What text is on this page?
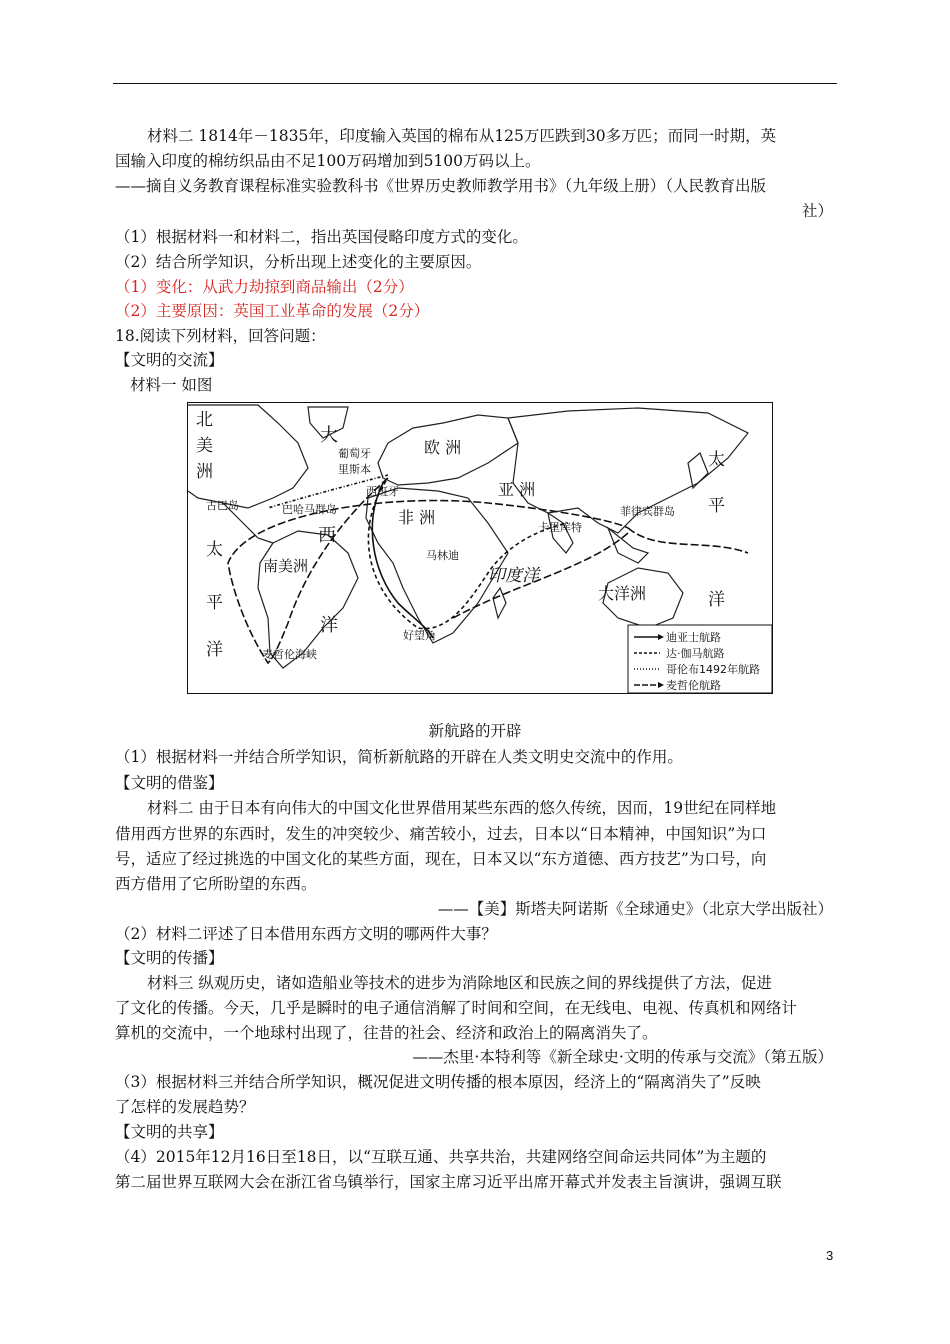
材料二 1814年－1835年，印度输入英国的棉布从125万匹跌到30多万匹；而同一时期，英
国输入印度的棉纺织品由不足100万码增加到5100万码以上。
——摘自义务教育课程标准实验教科书《世界历史教师教学用书》（九年级上册）（人民教育出版
社）
（1）根据材料一和材料二，指出英国侵略印度方式的变化。
（2）结合所学知识，分析出现上述变化的主要原因。
（1）变化：从武力劫掠到商品输出（2分）
（2）主要原因：英国工业革命的发展（2分）
18.阅读下列材料，回答问题：
【文明的交流】
材料一 如图
北
美
洲
大
西
洋
欧 洲
葡萄牙
里斯本
西班牙	亚 洲
非 洲
古巴岛	巴哈马群岛
南美洲
太
平
洋
太
平
洋
卡里库特
菲律宾群岛
马林迪
印度洋
大洋洲
好望角
麦哲伦海峡
迪亚士航路
达·伽马航路
哥伦布1492年航路
麦哲伦航路
新航路的开辟
（1）根据材料一并结合所学知识，简析新航路的开辟在人类文明史交流中的作用。
【文明的借鉴】
材料二 由于日本有向伟大的中国文化世界借用某些东西的悠久传统，因而，19世纪在同样地
借用西方世界的东西时，发生的冲突较少、痛苦较小，过去，日本以“日本精神，中国知识”为口
号，适应了经过挑选的中国文化的某些方面，现在，日本又以“东方道德、西方技艺”为口号，向
西方借用了它所盼望的东西。
——【美】斯塔夫阿诺斯《全球通史》（北京大学出版社）
（2）材料二评述了日本借用东西方文明的哪两件大事？
【文明的传播】
材料三 纵观历史，诸如造船业等技术的进步为消除地区和民族之间的界线提供了方法，促进
了文化的传播。今天，几乎是瞬时的电子通信消解了时间和空间，在无线电、电视、传真机和网络计
算机的交流中，一个地球村出现了，往昔的社会、经济和政治上的隔离消失了。
——杰里·本特利等《新全球史·文明的传承与交流》（第五版）
（3）根据材料三并结合所学知识，概况促进文明传播的根本原因，经济上的“隔离消失了”反映
了怎样的发展趋势？
【文明的共享】
（4）2015年12月16日至18日，以“互联互通、共享共治，共建网络空间命运共同体”为主题的
第二届世界互联网大会在浙江省乌镇举行，国家主席习近平出席开幕式并发表主旨演讲，强调互联
3
